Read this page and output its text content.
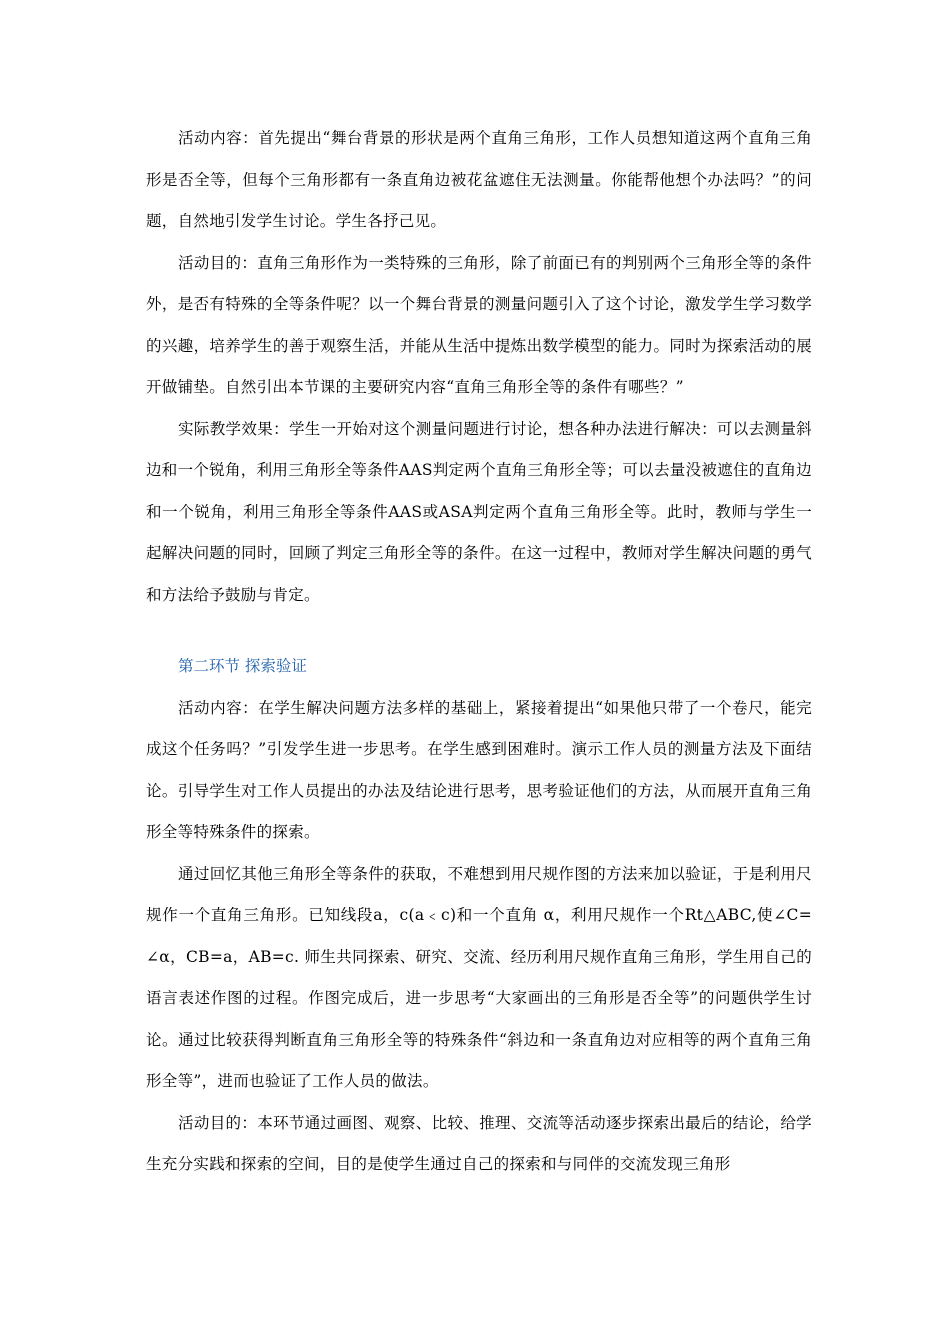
活动内容：首先提出“舞台背景的形状是两个直角三角形，工作人员想知道这两个直角三角形是否全等，但每个三角形都有一条直角边被花盆遮住无法测量。你能帮他想个办法吗？”的问题，自然地引发学生讨论。学生各抒己见。

活动目的：直角三角形作为一类特殊的三角形，除了前面已有的判别两个三角形全等的条件外，是否有特殊的全等条件呢？以一个舞台背景的测量问题引入了这个讨论，激发学生学习数学的兴趣，培养学生的善于观察生活，并能从生活中提炼出数学模型的能力。同时为探索活动的展开做铺垫。自然引出本节课的主要研究内容“直角三角形全等的条件有哪些？”

实际教学效果：学生一开始对这个测量问题进行讨论，想各种办法进行解决：可以去测量斜边和一个锐角，利用三角形全等条件AAS判定两个直角三角形全等；可以去量没被遮住的直角边和一个锐角，利用三角形全等条件AAS或ASA判定两个直角三角形全等。此时，教师与学生一起解决问题的同时，回顾了判定三角形全等的条件。在这一过程中，教师对学生解决问题的勇气和方法给予鼓励与肯定。

第二环节 探索验证

活动内容：在学生解决问题方法多样的基础上，紧接着提出“如果他只带了一个卷尺，能完成这个任务吗？”引发学生进一步思考。在学生感到困难时。演示工作人员的测量方法及下面结论。引导学生对工作人员提出的办法及结论进行思考，思考验证他们的方法，从而展开直角三角形全等特殊条件的探索。

通过回忆其他三角形全等条件的获取，不难想到用尺规作图的方法来加以验证，于是利用尺规作一个直角三角形。已知线段a，c(a﹤c)和一个直角 α，利用尺规作一个Rt△ABC,使∠C= ∠α，CB=a，AB=c. 师生共同探索、研究、交流、经历利用尺规作直角三角形，学生用自己的语言表述作图的过程。作图完成后，进一步思考“大家画出的三角形是否全等”的问题供学生讨论。通过比较获得判断直角三角形全等的特殊条件“斜边和一条直角边对应相等的两个直角三角形全等”，进而也验证了工作人员的做法。

活动目的：本环节通过画图、观察、比较、推理、交流等活动逐步探索出最后的结论，给学生充分实践和探索的空间，目的是使学生通过自己的探索和与同伴的交流发现三角形
